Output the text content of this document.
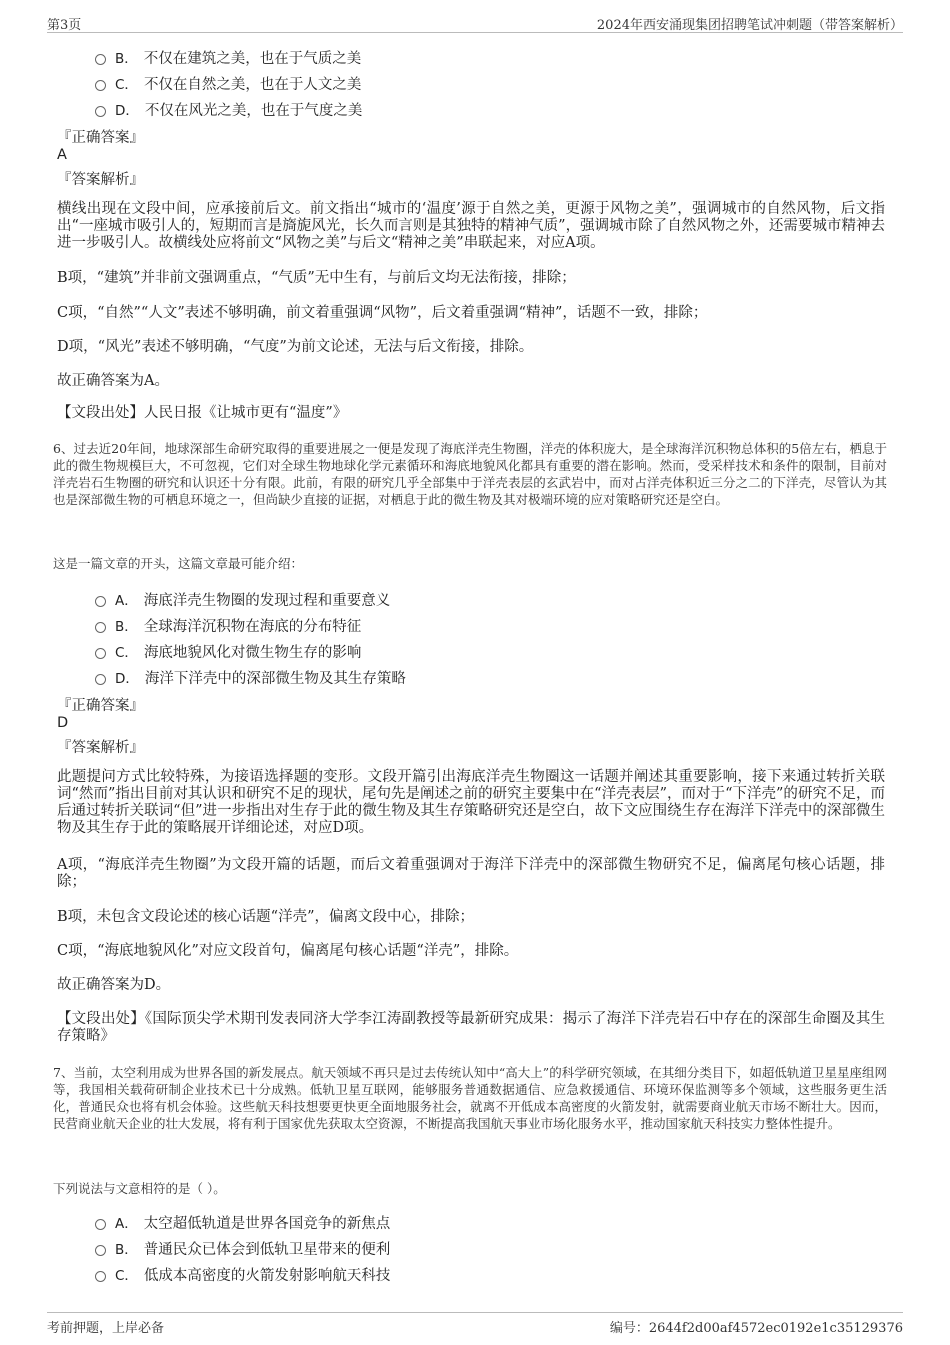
第3页	2024年西安涌现集团招聘笔试冲刺题（带答案解析）
B． 不仅在建筑之美，也在于气质之美
C． 不仅在自然之美，也在于人文之美
D． 不仅在风光之美，也在于气度之美
『正确答案』
A
『答案解析』
横线出现在文段中间，应承接前后文。前文指出“城市的‘温度’源于自然之美，更源于风物之美”，强调城市的自然风物，后文指出“一座城市吸引人的，短期而言是旖旎风光，长久而言则是其独特的精神气质”，强调城市除了自然风物之外，还需要城市精神去进一步吸引人。故横线处应将前文“风物之美”与后文“精神之美”串联起来，对应A项。
B项，“建筑”并非前文强调重点，“气质”无中生有，与前后文均无法衔接，排除；
C项，“自然”“人文”表述不够明确，前文着重强调“风物”，后文着重强调“精神”，话题不一致，排除；
D项，“风光”表述不够明确，“气度”为前文论述，无法与后文衔接，排除。
故正确答案为A。
【文段出处】人民日报《让城市更有“温度”》
6、过去近20年间，地球深部生命研究取得的重要进展之一便是发现了海底洋壳生物圈，洋壳的体积庞大，是全球海洋沉积物总体积的5倍左右，栖息于此的微生物规模巨大，不可忽视，它们对全球生物地球化学元素循环和海底地貌风化都具有重要的潜在影响。然而，受采样技术和条件的限制，目前对洋壳岩石生物圈的研究和认识还十分有限。此前，有限的研究几乎全部集中于洋壳表层的玄武岩中，而对占洋壳体积近三分之二的下洋壳，尽管认为其也是深部微生物的可栖息环境之一，但尚缺少直接的证据，对栖息于此的微生物及其对极端环境的应对策略研究还是空白。
这是一篇文章的开头，这篇文章最可能介绍：
A． 海底洋壳生物圈的发现过程和重要意义
B． 全球海洋沉积物在海底的分布特征
C． 海底地貌风化对微生物生存的影响
D． 海洋下洋壳中的深部微生物及其生存策略
『正确答案』
D
『答案解析』
此题提问方式比较特殊，为接语选择题的变形。文段开篇引出海底洋壳生物圈这一话题并阐述其重要影响，接下来通过转折关联词“然而”指出目前对其认识和研究不足的现状，尾句先是阐述之前的研究主要集中在“洋壳表层”，而对于“下洋壳”的研究不足，而后通过转折关联词“但”进一步指出对生存于此的微生物及其生存策略研究还是空白，故下文应围绕生存在海洋下洋壳中的深部微生物及其生存于此的策略展开详细论述，对应D项。
A项，“海底洋壳生物圈”为文段开篇的话题，而后文着重强调对于海洋下洋壳中的深部微生物研究不足，偏离尾句核心话题，排除；
B项，未包含文段论述的核心话题“洋壳”，偏离文段中心，排除；
C项，“海底地貌风化”对应文段首句，偏离尾句核心话题“洋壳”，排除。
故正确答案为D。
【文段出处】《国际顶尖学术期刊发表同济大学李江涛副教授等最新研究成果：揭示了海洋下洋壳岩石中存在的深部生命圈及其生存策略》
7、当前，太空利用成为世界各国的新发展点。航天领域不再只是过去传统认知中“高大上”的科学研究领域，在其细分类目下，如超低轨道卫星星座组网等，我国相关载荷研制企业技术已十分成熟。低轨卫星互联网，能够服务普通数据通信、应急救援通信、环境环保监测等多个领域，这些服务更生活化，普通民众也将有机会体验。这些航天科技想要更快更全面地服务社会，就离不开低成本高密度的火箭发射，就需要商业航天市场不断壮大。因而，民营商业航天企业的壮大发展，将有利于国家优先获取太空资源，不断提高我国航天事业市场化服务水平，推动国家航天科技实力整体性提升。
下列说法与文意相符的是（ ）。
A． 太空超低轨道是世界各国竞争的新焦点
B． 普通民众已体会到低轨卫星带来的便利
C． 低成本高密度的火箭发射影响航天科技
考前押题，上岸必备	编号：2644f2d00af4572ec0192e1c35129376
